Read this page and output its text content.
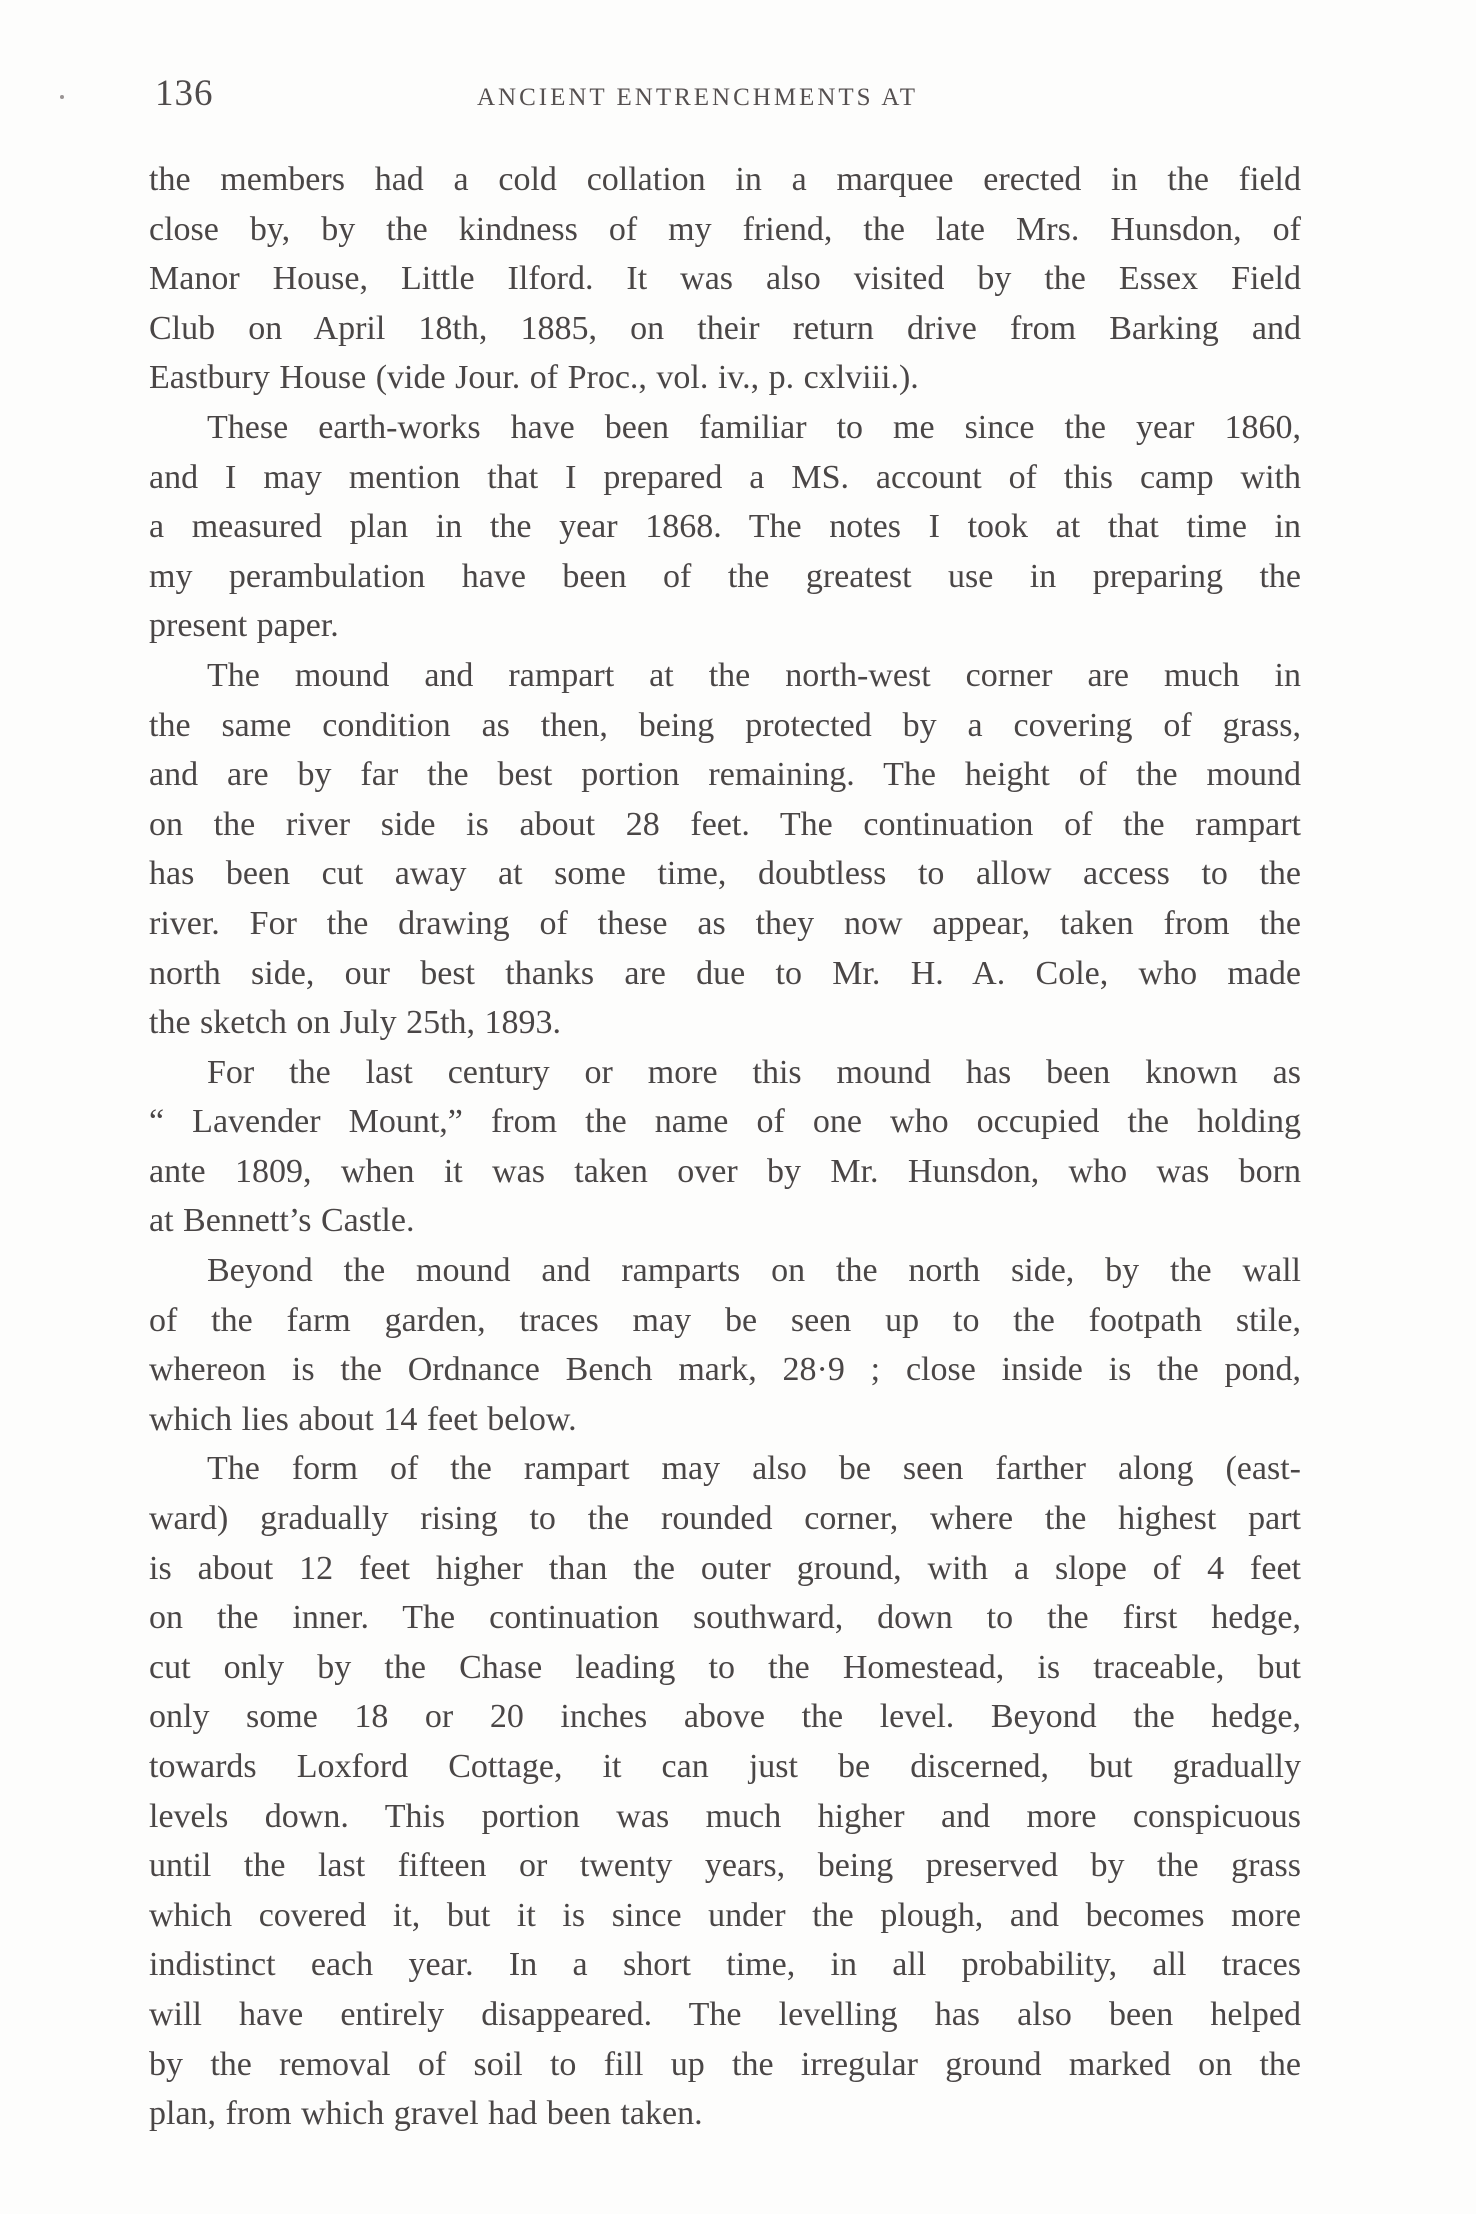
136	ANCIENT ENTRENCHMENTS AT
the members had a cold collation in a marquee erected in the field
close by, by the kindness of my friend, the late Mrs. Hunsdon, of
Manor House, Little Ilford. It was also visited by the Essex Field
Club on April 18th, 1885, on their return drive from Barking and
Eastbury House (vide Jour. of Proc., vol. iv., p. cxlviii.).
These earth-works have been familiar to me since the year 1860,
and I may mention that I prepared a MS. account of this camp with
a measured plan in the year 1868. The notes I took at that time in
my perambulation have been of the greatest use in preparing the
present paper.
The mound and rampart at the north-west corner are much in
the same condition as then, being protected by a covering of grass,
and are by far the best portion remaining. The height of the mound
on the river side is about 28 feet. The continuation of the rampart
has been cut away at some time, doubtless to allow access to the
river. For the drawing of these as they now appear, taken from the
north side, our best thanks are due to Mr. H. A. Cole, who made
the sketch on July 25th, 1893.
For the last century or more this mound has been known as
“ Lavender Mount,” from the name of one who occupied the holding
ante 1809, when it was taken over by Mr. Hunsdon, who was born
at Bennett’s Castle.
Beyond the mound and ramparts on the north side, by the wall
of the farm garden, traces may be seen up to the footpath stile,
whereon is the Ordnance Bench mark, 28·9 ; close inside is the pond,
which lies about 14 feet below.
The form of the rampart may also be seen farther along (east-
ward) gradually rising to the rounded corner, where the highest part
is about 12 feet higher than the outer ground, with a slope of 4 feet
on the inner. The continuation southward, down to the first hedge,
cut only by the Chase leading to the Homestead, is traceable, but
only some 18 or 20 inches above the level. Beyond the hedge,
towards Loxford Cottage, it can just be discerned, but gradually
levels down. This portion was much higher and more conspicuous
until the last fifteen or twenty years, being preserved by the grass
which covered it, but it is since under the plough, and becomes more
indistinct each year. In a short time, in all probability, all traces
will have entirely disappeared. The levelling has also been helped
by the removal of soil to fill up the irregular ground marked on the
plan, from which gravel had been taken.
